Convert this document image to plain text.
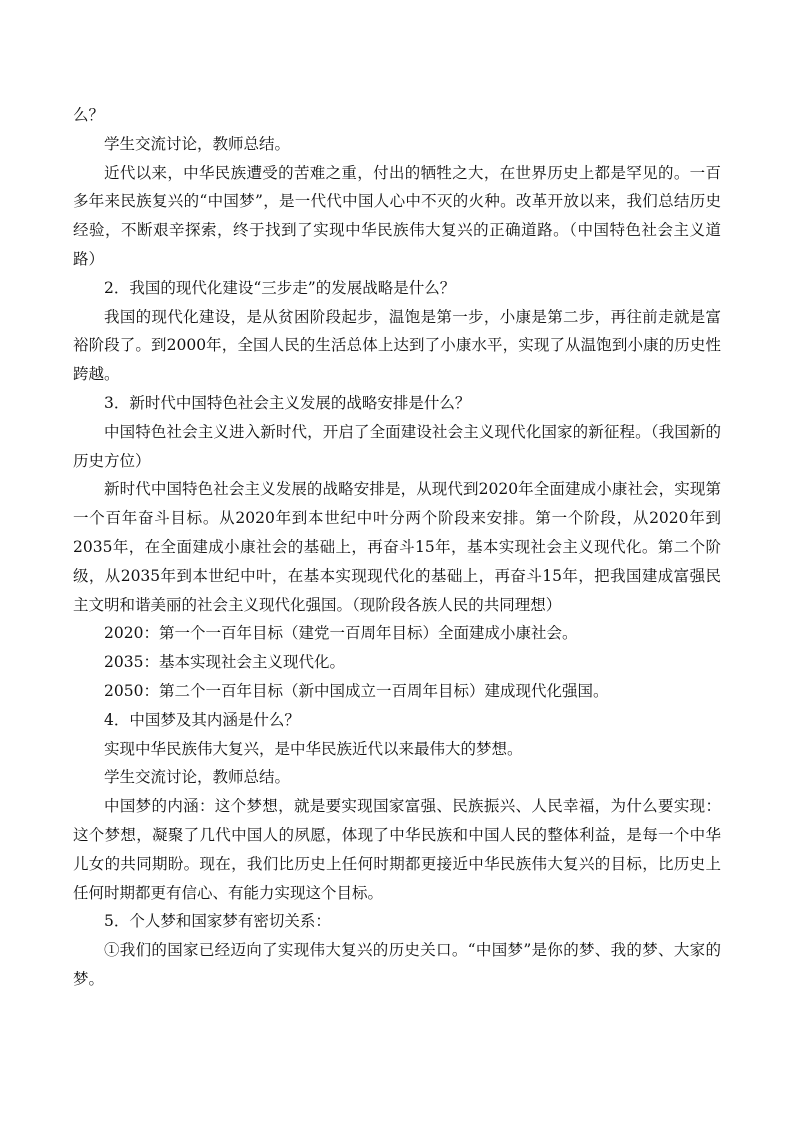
么？

学生交流讨论，教师总结。

近代以来，中华民族遭受的苦难之重，付出的牺牲之大，在世界历史上都是罕见的。一百多年来民族复兴的“中国梦”，是一代代中国人心中不灭的火种。改革开放以来，我们总结历史经验，不断艰辛探索，终于找到了实现中华民族伟大复兴的正确道路。（中国特色社会主义道路）

2．我国的现代化建设“三步走”的发展战略是什么？

我国的现代化建设，是从贫困阶段起步，温饱是第一步，小康是第二步，再往前走就是富裕阶段了。到2000年，全国人民的生活总体上达到了小康水平，实现了从温饱到小康的历史性跨越。

3．新时代中国特色社会主义发展的战略安排是什么？

中国特色社会主义进入新时代，开启了全面建设社会主义现代化国家的新征程。（我国新的历史方位）

新时代中国特色社会主义发展的战略安排是，从现代到2020年全面建成小康社会，实现第一个百年奋斗目标。从2020年到本世纪中叶分两个阶段来安排。第一个阶段，从2020年到2035年，在全面建成小康社会的基础上，再奋斗15年，基本实现社会主义现代化。第二个阶级，从2035年到本世纪中叶，在基本实现现代化的基础上，再奋斗15年，把我国建成富强民主文明和谐美丽的社会主义现代化强国。（现阶段各族人民的共同理想）

2020：第一个一百年目标（建党一百周年目标）全面建成小康社会。

2035：基本实现社会主义现代化。

2050：第二个一百年目标（新中国成立一百周年目标）建成现代化强国。

4．中国梦及其内涵是什么？

实现中华民族伟大复兴，是中华民族近代以来最伟大的梦想。

学生交流讨论，教师总结。

中国梦的内涵：这个梦想，就是要实现国家富强、民族振兴、人民幸福，为什么要实现：这个梦想，凝聚了几代中国人的夙愿，体现了中华民族和中国人民的整体利益，是每一个中华儿女的共同期盼。现在，我们比历史上任何时期都更接近中华民族伟大复兴的目标，比历史上任何时期都更有信心、有能力实现这个目标。

5．个人梦和国家梦有密切关系：

①我们的国家已经迈向了实现伟大复兴的历史关口。“中国梦”是你的梦、我的梦、大家的梦。
